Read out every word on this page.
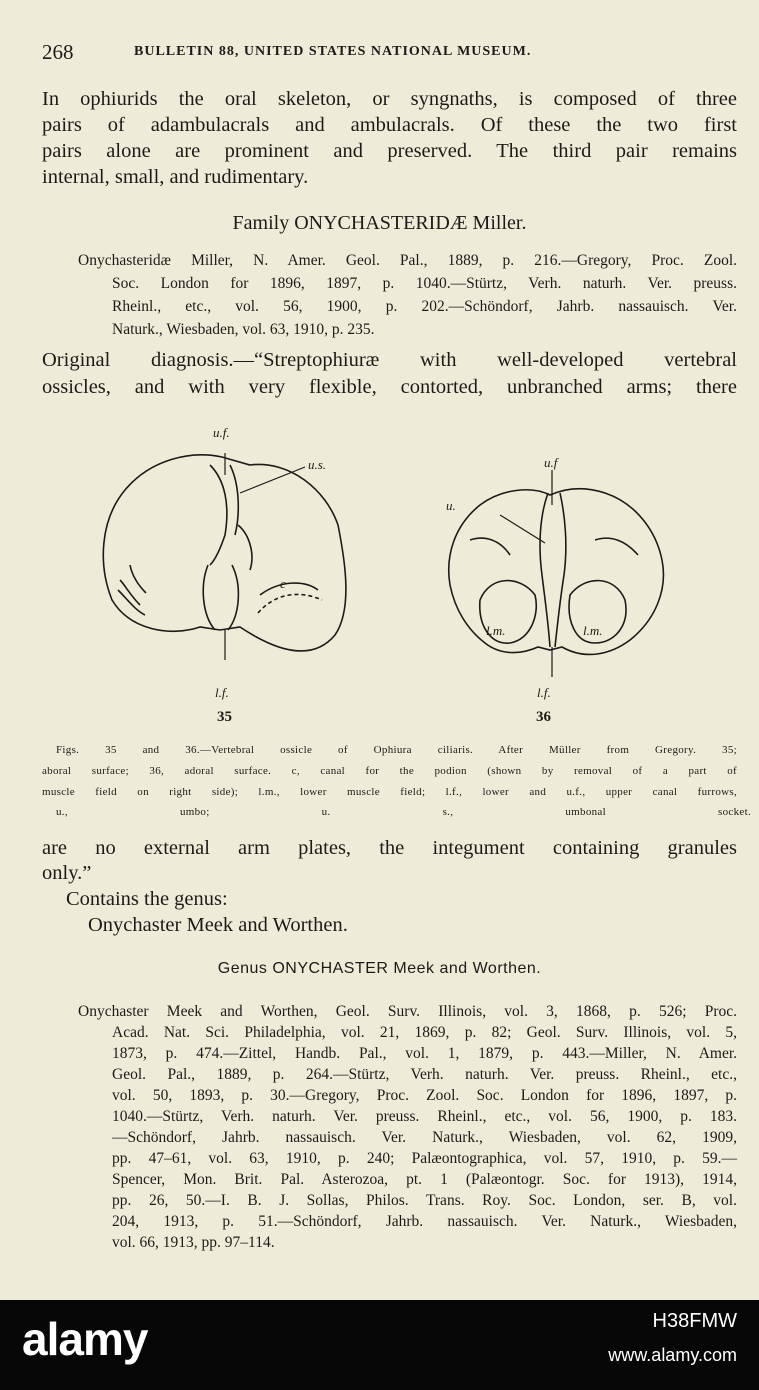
268	BULLETIN 88, UNITED STATES NATIONAL MUSEUM.
In ophiurids the oral skeleton, or syngnaths, is composed of three
pairs of adambulacrals and ambulacrals. Of these the two first
pairs alone are prominent and preserved. The third pair remains
internal, small, and rudimentary.
Family ONYCHASTERIDÆ Miller.
Onychasteridæ Miller, N. Amer. Geol. Pal., 1889, p. 216.—Gregory, Proc. Zool.
Soc. London for 1896, 1897, p. 1040.—Stürtz, Verh. naturh. Ver. preuss.
Rheinl., etc., vol. 56, 1900, p. 202.—Schöndorf, Jahrb. nassauisch. Ver.
Naturk., Wiesbaden, vol. 63, 1910, p. 235.
Original diagnosis.—“Streptophiuræ with well-developed vertebral
ossicles, and with very flexible, contorted, unbranched arms; there
u.f.
u.s.
c
l.f.
35
u.f
u.
l.m.	l.m.
l.f.
36
Figs. 35 and 36.—Vertebral ossicle of Ophiura ciliaris. After Müller from Gregory. 35;
aboral surface; 36, adoral surface. c, canal for the podion (shown by removal of a part of
muscle field on right side); l.m., lower muscle field; l.f., lower and u.f., upper canal furrows,
u., umbo; u. s., umbonal socket.
are no external arm plates, the integument containing granules
only.”
Contains the genus:
Onychaster Meek and Worthen.
Genus ONYCHASTER Meek and Worthen.
Onychaster Meek and Worthen, Geol. Surv. Illinois, vol. 3, 1868, p. 526; Proc.
Acad. Nat. Sci. Philadelphia, vol. 21, 1869, p. 82; Geol. Surv. Illinois, vol. 5,
1873, p. 474.—Zittel, Handb. Pal., vol. 1, 1879, p. 443.—Miller, N. Amer.
Geol. Pal., 1889, p. 264.—Stürtz, Verh. naturh. Ver. preuss. Rheinl., etc.,
vol. 50, 1893, p. 30.—Gregory, Proc. Zool. Soc. London for 1896, 1897, p.
1040.—Stürtz, Verh. naturh. Ver. preuss. Rheinl., etc., vol. 56, 1900, p. 183.
—Schöndorf, Jahrb. nassauisch. Ver. Naturk., Wiesbaden, vol. 62, 1909,
pp. 47–61, vol. 63, 1910, p. 240; Palæontographica, vol. 57, 1910, p. 59.—
Spencer, Mon. Brit. Pal. Asterozoa, pt. 1 (Palæontogr. Soc. for 1913), 1914,
pp. 26, 50.—I. B. J. Sollas, Philos. Trans. Roy. Soc. London, ser. B, vol.
204, 1913, p. 51.—Schöndorf, Jahrb. nassauisch. Ver. Naturk., Wiesbaden,
vol. 66, 1913, pp. 97–114.
alamy	H38FMW
www.alamy.com
